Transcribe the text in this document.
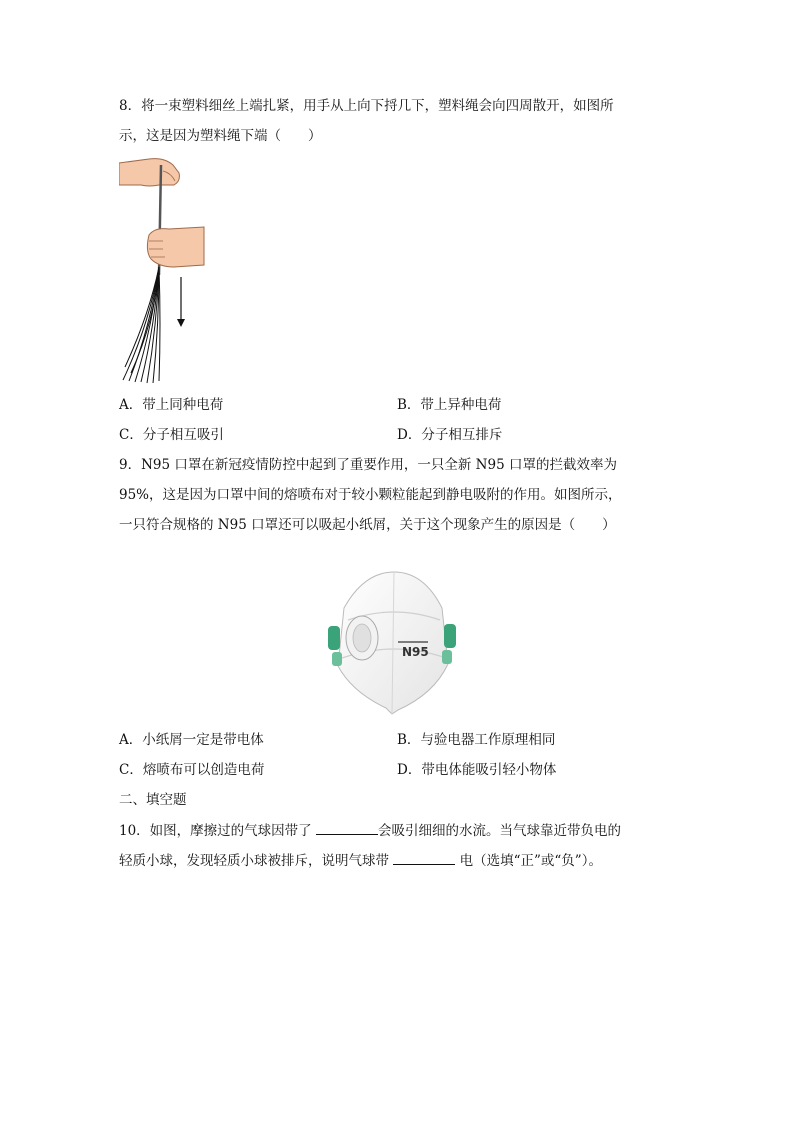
8．将一束塑料细丝上端扎紧，用手从上向下捋几下，塑料绳会向四周散开，如图所
示，这是因为塑料绳下端（　　）
A．带上同种电荷	B．带上异种电荷
C．分子相互吸引	D．分子相互排斥
9．N95 口罩在新冠疫情防控中起到了重要作用，一只全新 N95 口罩的拦截效率为
95%，这是因为口罩中间的熔喷布对于较小颗粒能起到静电吸附的作用。如图所示，
一只符合规格的 N95 口罩还可以吸起小纸屑，关于这个现象产生的原因是（　　）
N95
A．小纸屑一定是带电体	B．与验电器工作原理相同
C．熔喷布可以创造电荷	D．带电体能吸引轻小物体
二、填空题
10．如图，摩擦过的气球因带了	会吸引细细的水流。当气球靠近带负电的
轻质小球，发现轻质小球被排斥，说明气球带	电（选填“正”或“负”）。
